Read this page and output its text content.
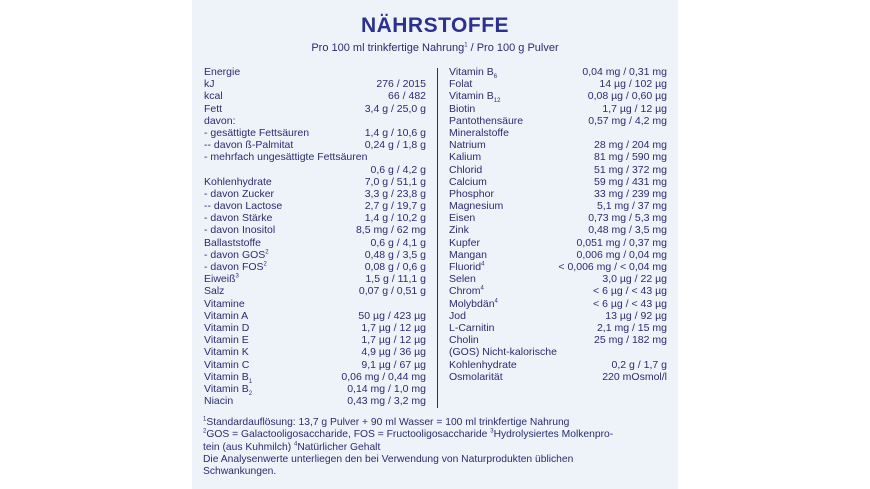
NÄHRSTOFFE
Pro 100 ml trinkfertige Nahrung$^1$ / Pro 100 g Pulver
Energie
kJ	276 / 2015
kcal	66 / 482
Fett	3,4 g / 25,0 g
davon:
- gesättigte Fettsäuren	1,4 g / 10,6 g
-- davon ß-Palmitat	0,24 g / 1,8 g
- mehrfach ungesättigte Fettsäuren
0,6 g / 4,2 g
Kohlenhydrate	7,0 g / 51,1 g
- davon Zucker	3,3 g / 23,8 g
-- davon Lactose	2,7 g / 19,7 g
- davon Stärke	1,4 g / 10,2 g
- davon Inositol	8,5 mg / 62 mg
Ballaststoffe	0,6 g / 4,1 g
- davon GOS$^2$	0,48 g / 3,5 g
- davon FOS$^2$	0,08 g / 0,6 g
Eiweiß$^3$	1,5 g / 11,1 g
Salz	0,07 g / 0,51 g
Vitamine
Vitamin A	50 µg / 423 µg
Vitamin D	1,7 µg / 12 µg
Vitamin E	1,7 µg / 12 µg
Vitamin K	4,9 µg / 36 µg
Vitamin C	9,1 µg / 67 µg
Vitamin $B_1$	0,06 mg / 0,44 mg
Vitamin $B_2$	0,14 mg / 1,0 mg
Niacin	0,43 mg / 3,2 mg
Vitamin $B_6$	0,04 mg / 0,31 mg
Folat	14 µg / 102 µg
Vitamin $B_{12}$	0,08 µg / 0,60 µg
Biotin	1,7 µg / 12 µg
Pantothensäure	0,57 mg / 4,2 mg
Mineralstoffe
Natrium	28 mg / 204 mg
Kalium	81 mg / 590 mg
Chlorid	51 mg / 372 mg
Calcium	59 mg / 431 mg
Phosphor	33 mg / 239 mg
Magnesium	5,1 mg / 37 mg
Eisen	0,73 mg / 5,3 mg
Zink	0,48 mg / 3,5 mg
Kupfer	0,051 mg / 0,37 mg
Mangan	0,006 mg / 0,04 mg
Fluorid$^4$	< 0,006 mg / < 0,04 mg
Selen	3,0 µg / 22 µg
Chrom$^4$	< 6 µg / < 43 µg
Molybdän$^4$	< 6 µg / < 43 µg
Jod	13 µg / 92 µg
L-Carnitin	2,1 mg / 15 mg
Cholin	25 mg / 182 mg
(GOS) Nicht-kalorische
Kohlenhydrate	0,2 g / 1,7 g
Osmolarität	220 mOsmol/l
$^1$Standardauflösung: 13,7 g Pulver + 90 ml Wasser = 100 ml trinkfertige Nahrung
$^2$GOS = Galactooligosaccharide, FOS = Fructooligosaccharide $^3$Hydrolysiertes Molkenpro-
tein (aus Kuhmilch) $^4$Natürlicher Gehalt
Die Analysenwerte unterliegen den bei Verwendung von Naturprodukten üblichen
Schwankungen.
